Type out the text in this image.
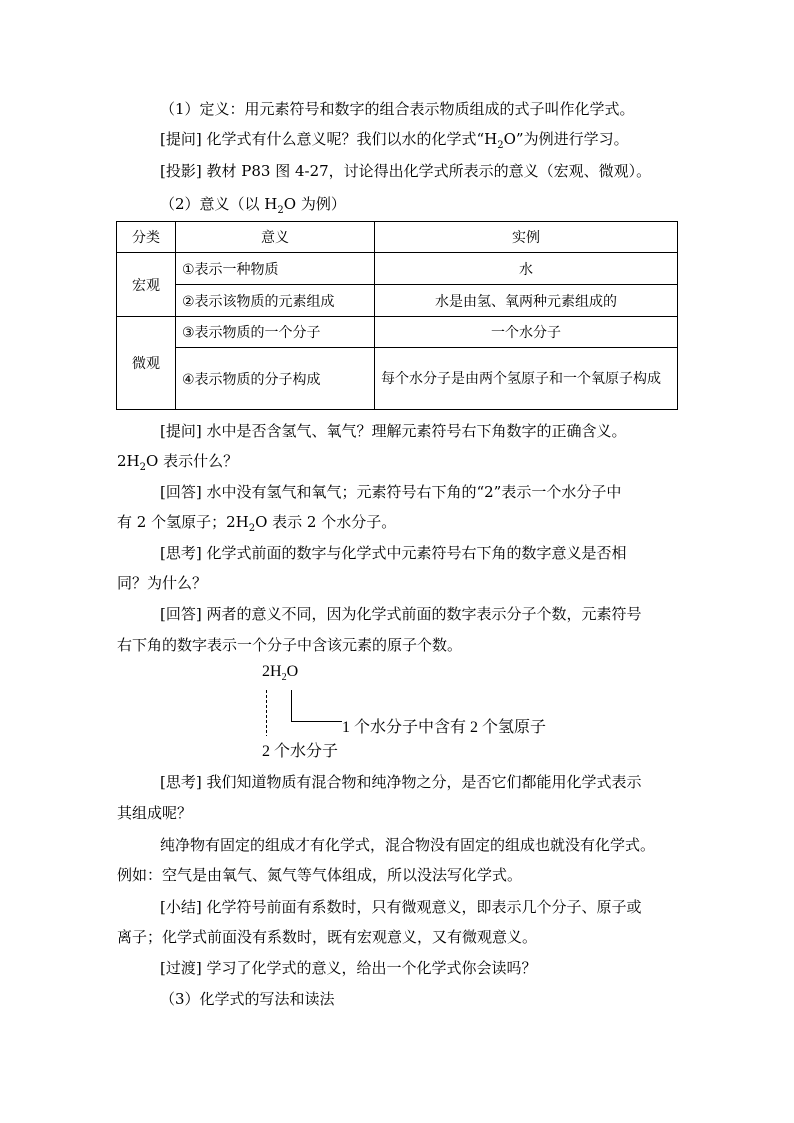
（1）定义：用元素符号和数字的组合表示物质组成的式子叫作化学式。
[提问] 化学式有什么意义呢？我们以水的化学式“$H_2O$”为例进行学习。
[投影] 教材 P83 图 4-27，讨论得出化学式所表示的意义（宏观、微观）。
（2）意义（以 $H_2O$ 为例）
分类	意义	实例
宏观	①表示一种物质	水
	②表示该物质的元素组成	水是由氢、氧两种元素组成的
微观	③表示物质的一个分子	一个水分子
	④表示物质的分子构成	每个水分子是由两个氢原子和一个氧原子构成
[提问] 水中是否含氢气、氧气？理解元素符号右下角数字的正确含义。
$2H_2O$ 表示什么？
[回答] 水中没有氢气和氧气；元素符号右下角的“2”表示一个水分子中
有 2 个氢原子；$2H_2O$ 表示 2 个水分子。
[思考] 化学式前面的数字与化学式中元素符号右下角的数字意义是否相
同？为什么？
[回答] 两者的意义不同，因为化学式前面的数字表示分子个数，元素符号
右下角的数字表示一个分子中含该元素的原子个数。
$2H_2O$
1 个水分子中含有 2 个氢原子
2 个水分子
[思考] 我们知道物质有混合物和纯净物之分，是否它们都能用化学式表示
其组成呢？
纯净物有固定的组成才有化学式，混合物没有固定的组成也就没有化学式。
例如：空气是由氧气、氮气等气体组成，所以没法写化学式。
[小结] 化学符号前面有系数时，只有微观意义，即表示几个分子、原子或
离子；化学式前面没有系数时，既有宏观意义，又有微观意义。
[过渡] 学习了化学式的意义，给出一个化学式你会读吗？
（3）化学式的写法和读法
